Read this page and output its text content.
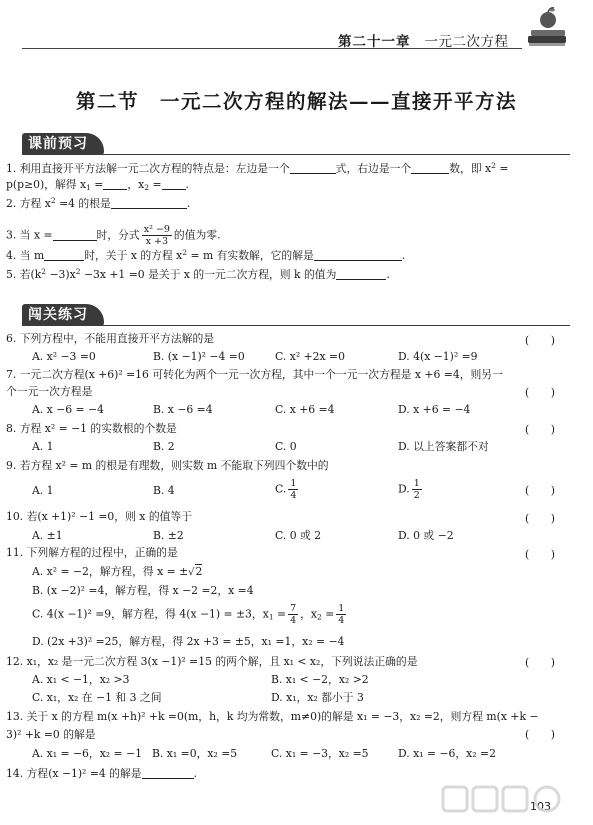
第二十一章 一元二次方程
第二节　一元二次方程的解法——直接开平方法
课前预习
1. 利用直接开平方法解一元二次方程的特点是：左边是一个	式，右边是一个	数，即 $x^2$ =
p(p≥0)，解得 $x_1$ = ，$x_2$ = .
2. 方程 $x^2 =4$ 的根是	.
3. 当 x =	时，分式 $\frac{\text{x² −9}}{x +3}$ 的值为零.
4. 当 m	时，关于 x 的方程 $x^2 = m$ 有实数解，它的解是	.
5. 若$(k^2 -3)x^2 -3x +1 =0$ 是关于 x 的一元二次方程，则 k 的值为	.
闯关练习
6. 下列方程中，不能用直接开平方法解的是	(　　)
A. x² −3 =0	B. (x −1)² −4 =0	C. x² +2x =0	D. 4(x −1)² =9
7. 一元二次方程(x +6)² =16 可转化为两个一元一次方程，其中一个一元一次方程是 x +6 =4，则另一
个一元一次方程是	(　　)
A. x −6 = −4	B. x −6 =4	C. x +6 =4	D. x +6 = −4
8. 方程 x² = −1 的实数根的个数是	(　　)
A. 1	B. 2	C. 0	D. 以上答案都不对
9. 若方程 x² = m 的根是有理数，则实数 m 不能取下列四个数中的
(　　)
A. 1	B. 4	C. $\frac{1}{4}$	D. $\frac{1}{2}$
10. 若(x +1)² −1 =0，则 x 的值等于	(　　)
A. ±1	B. ±2	C. 0 或 2	D. 0 或 −2
11. 下列解方程的过程中，正确的是	(　　)
A. x² = −2，解方程，得 x = ±√2
B. (x −2)² =4，解方程，得 x −2 =2，x =4
C. 4(x −1)² =9，解方程，得 4(x −1) = ±3，$x_1 = \frac{7}{4}$ ，$x_2 = \frac{1}{4}$
D. (2x +3)² =25，解方程，得 2x +3 = ±5，x₁ =1，x₂ = −4
12. x₁，x₂ 是一元二次方程 3(x −1)² =15 的两个解，且 x₁ < x₂，下列说法正确的是	(　　)
A. x₁ < −1，x₂ >3	B. x₁ < −2，x₂ >2
C. x₁，x₂ 在 −1 和 3 之间	D. x₁，x₂ 都小于 3
13. 关于 x 的方程 m(x +h)² +k =0(m，h，k 均为常数，m≠0)的解是 x₁ = −3，x₂ =2，则方程 m(x +k −
3)² +k =0 的解是	(　　)
A. x₁ = −6，x₂ = −1 B. x₁ =0，x₂ =5	C. x₁ = −3，x₂ =5	D. x₁ = −6，x₂ =2
14. 方程(x −1)² =4 的解是	.
103
